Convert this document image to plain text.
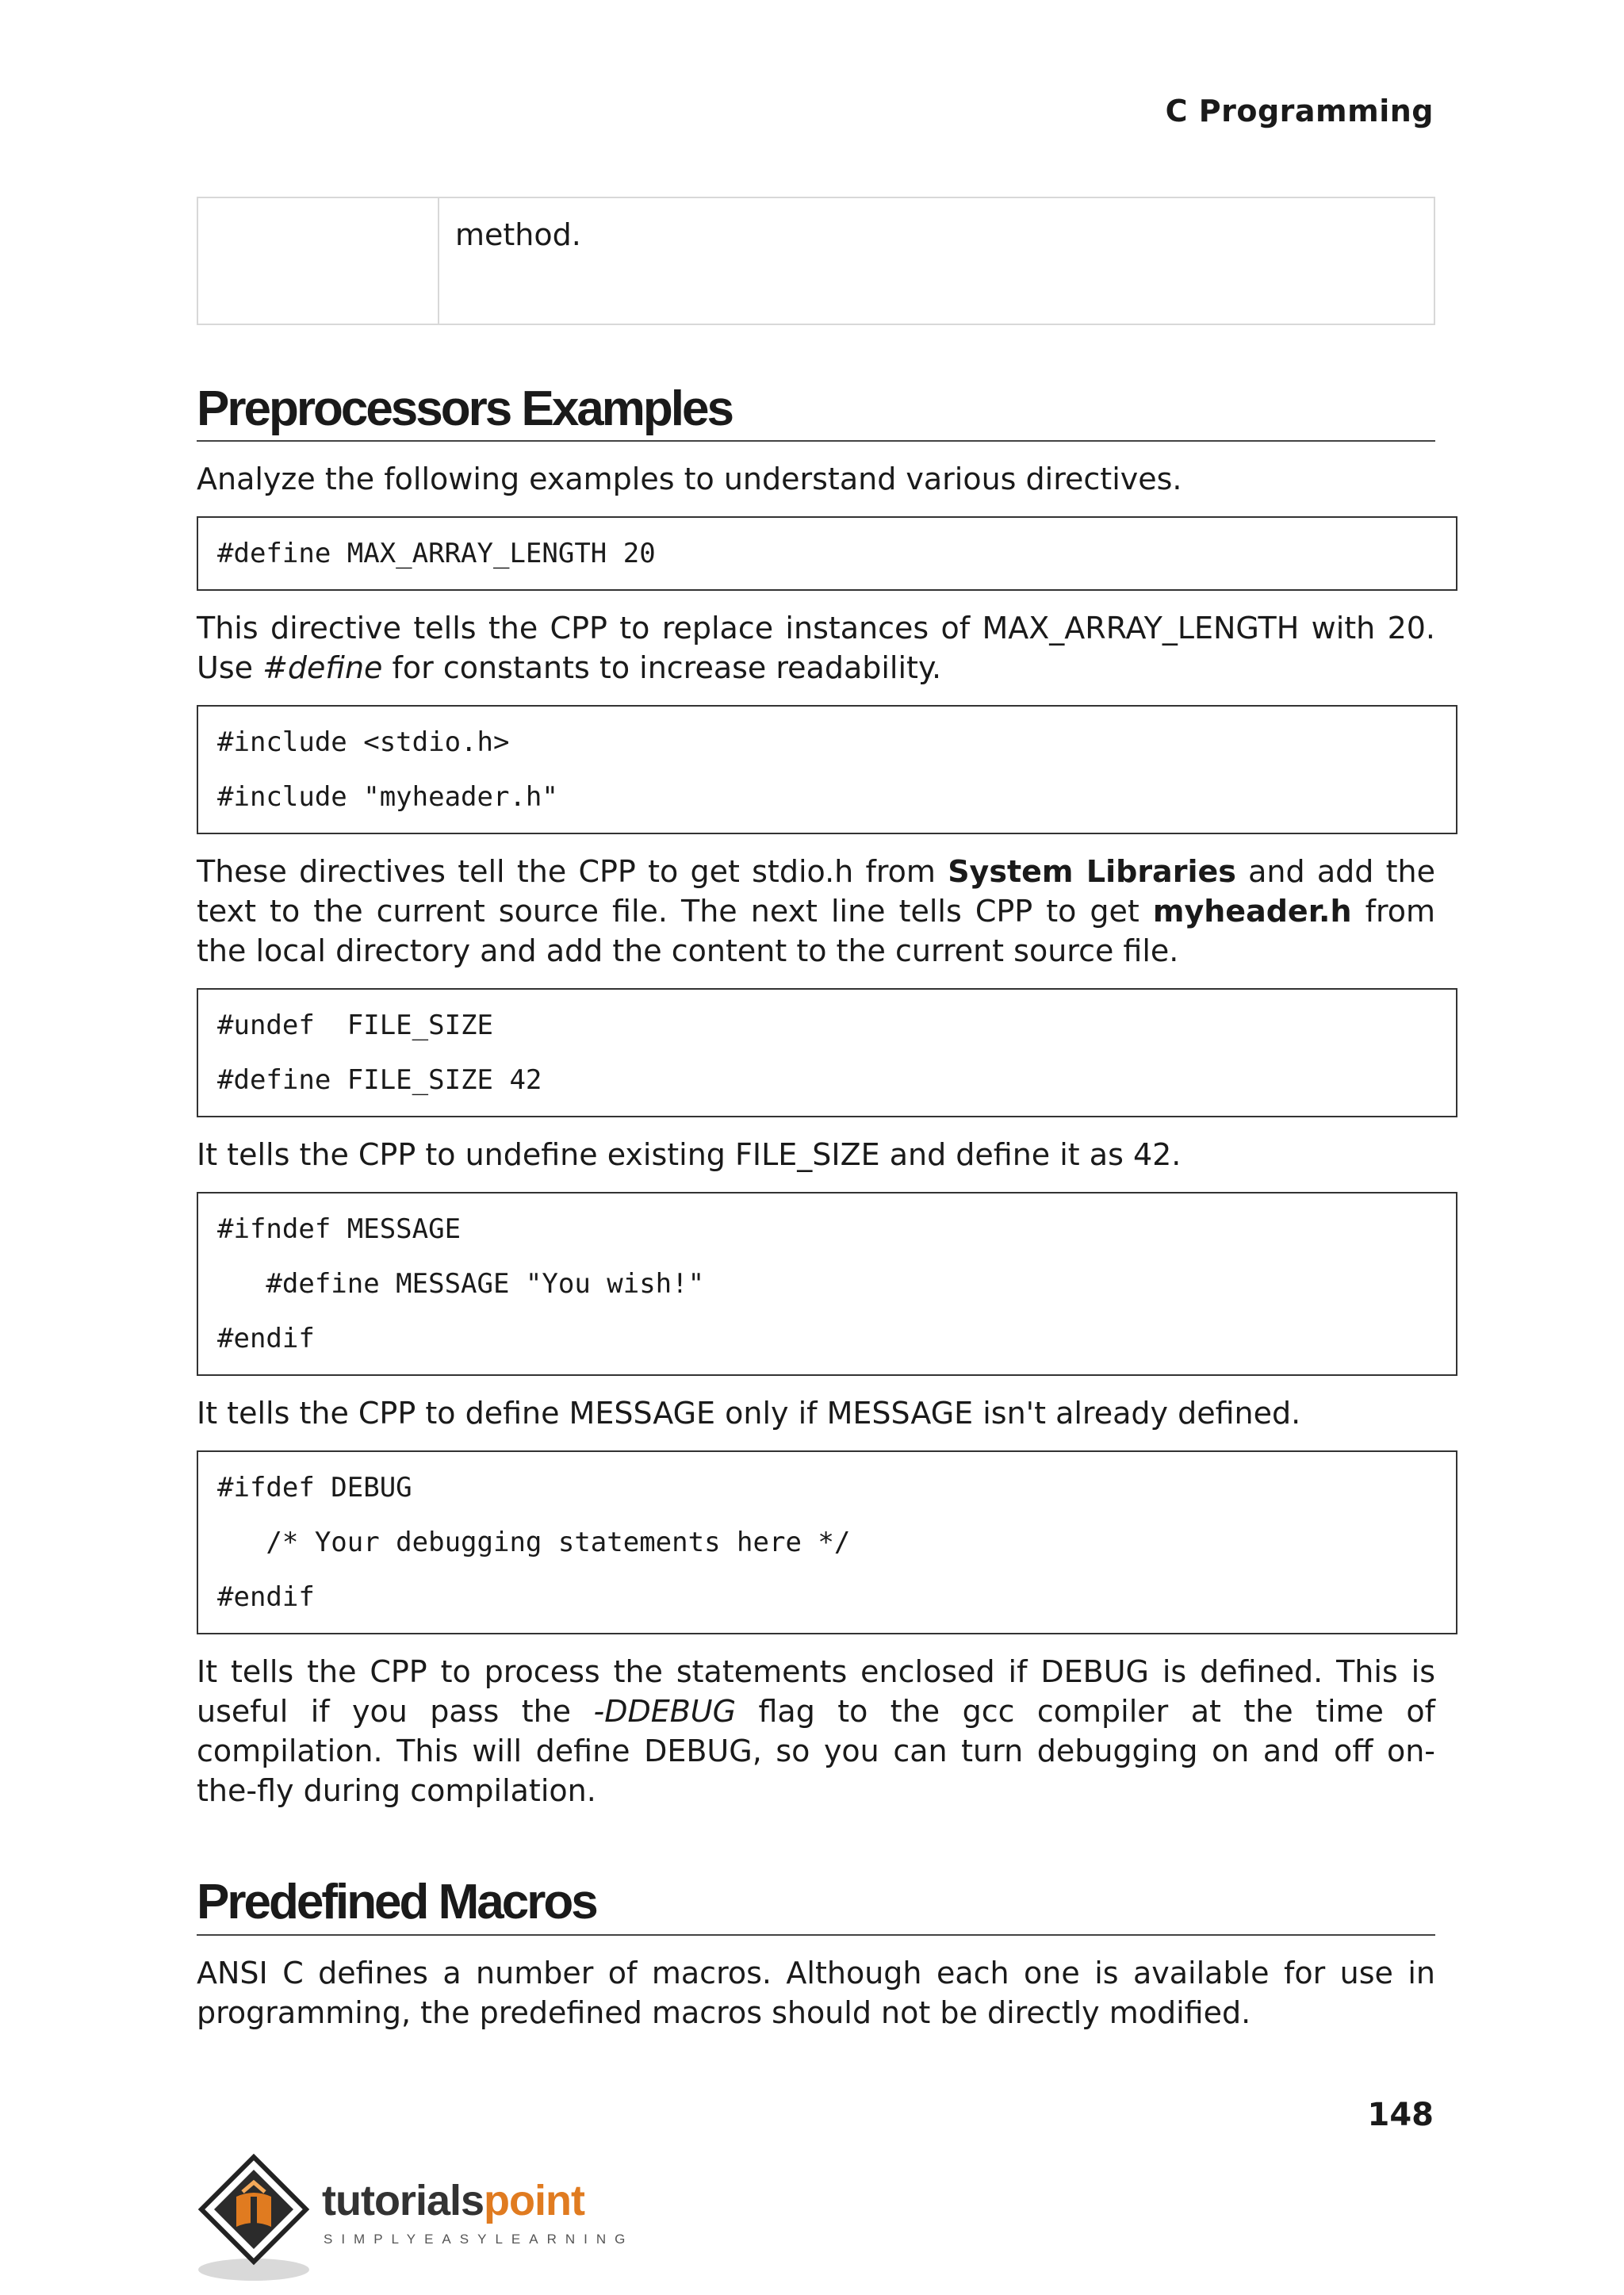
C Programming
	method.
Preprocessors Examples

Analyze the following examples to understand various directives.

#define MAX_ARRAY_LENGTH 20

This directive tells the CPP to replace instances of MAX_ARRAY_LENGTH with 20. Use #define for constants to increase readability.

#include <stdio.h>
#include "myheader.h"

These directives tell the CPP to get stdio.h from System Libraries and add the text to the current source file. The next line tells CPP to get myheader.h from the local directory and add the content to the current source file.

#undef  FILE_SIZE
#define FILE_SIZE 42

It tells the CPP to undefine existing FILE_SIZE and define it as 42.

#ifndef MESSAGE
#define MESSAGE "You wish!"
#endif

It tells the CPP to define MESSAGE only if MESSAGE isn't already defined.

#ifdef DEBUG
/* Your debugging statements here */
#endif

It tells the CPP to process the statements enclosed if DEBUG is defined. This is useful if you pass the -DDEBUG flag to the gcc compiler at the time of compilation. This will define DEBUG, so you can turn debugging on and off on-the-fly during compilation.

Predefined Macros

ANSI C defines a number of macros. Although each one is available for use in programming, the predefined macros should not be directly modified.

148
tutorialspoint
SIMPLYEASYLEARNING
